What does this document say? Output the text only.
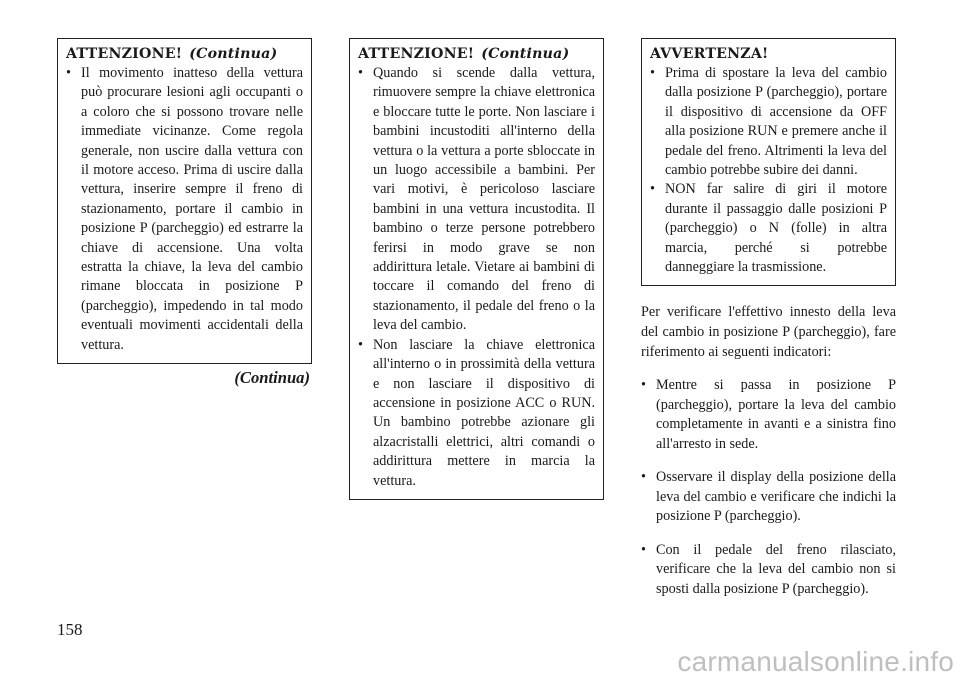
ATTENZIONE! (Continua)
• Il movimento inatteso della vettura può procurare lesioni agli occupanti o a coloro che si possono trovare nelle immediate vicinanze. Come regola generale, non uscire dalla vettura con il motore acceso. Prima di uscire dalla vettura, inserire sempre il freno di stazionamento, portare il cambio in posizione P (parcheggio) ed estrarre la chiave di accensione. Una volta estratta la chiave, la leva del cambio rimane bloccata in posizione P (parcheggio), impedendo in tal modo eventuali movimenti accidentali della vettura.
(Continua)
ATTENZIONE! (Continua)
• Quando si scende dalla vettura, rimuovere sempre la chiave elettronica e bloccare tutte le porte. Non lasciare i bambini incustoditi all'interno della vettura o la vettura a porte sbloccate in un luogo accessibile a bambini. Per vari motivi, è pericoloso lasciare bambini in una vettura incustodita. Il bambino o terze persone potrebbero ferirsi in modo grave se non addirittura letale. Vietare ai bambini di toccare il comando del freno di stazionamento, il pedale del freno o la leva del cambio.
• Non lasciare la chiave elettronica all'interno o in prossimità della vettura e non lasciare il dispositivo di accensione in posizione ACC o RUN. Un bambino potrebbe azionare gli alzacristalli elettrici, altri comandi o addirittura mettere in marcia la vettura.
AVVERTENZA!
• Prima di spostare la leva del cambio dalla posizione P (parcheggio), portare il dispositivo di accensione da OFF alla posizione RUN e premere anche il pedale del freno. Altrimenti la leva del cambio potrebbe subire dei danni.
• NON far salire di giri il motore durante il passaggio dalle posizioni P (parcheggio) o N (folle) in altra marcia, perché si potrebbe danneggiare la trasmissione.
Per verificare l'effettivo innesto della leva del cambio in posizione P (parcheggio), fare riferimento ai seguenti indicatori:
• Mentre si passa in posizione P (parcheggio), portare la leva del cambio completamente in avanti e a sinistra fino all'arresto in sede.
• Osservare il display della posizione della leva del cambio e verificare che indichi la posizione P (parcheggio).
• Con il pedale del freno rilasciato, verificare che la leva del cambio non si sposti dalla posizione P (parcheggio).
158
carmanualsonline.info
